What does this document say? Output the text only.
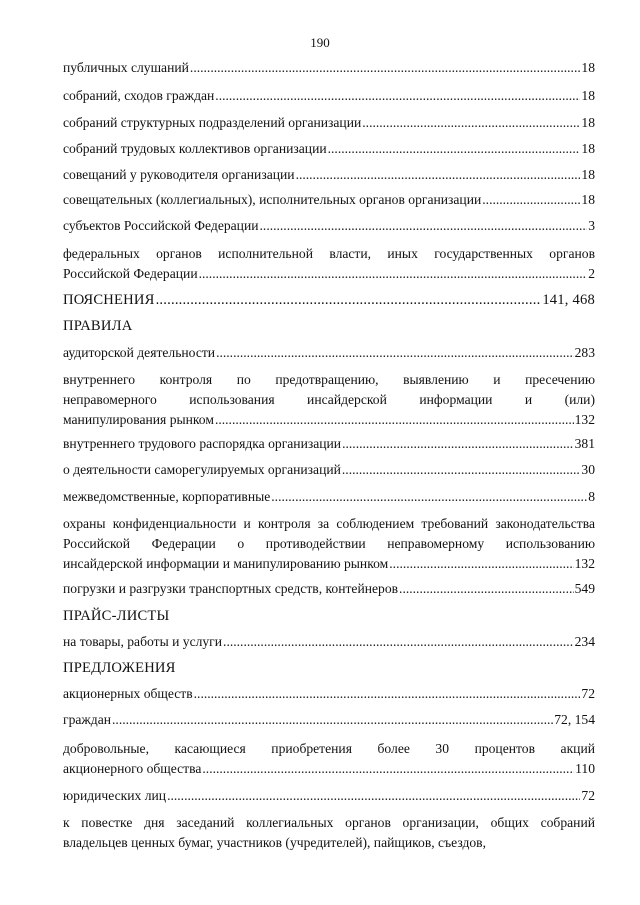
190
публичных слушаний .....	18
собраний, сходов граждан .....	18
собраний структурных подразделений организации .....	18
собраний трудовых коллективов организации .....	18
совещаний у руководителя организации .....	18
совещательных (коллегиальных), исполнительных органов организации .....	18
субъектов Российской Федерации .....	3
федеральных органов исполнительной власти, иных государственных органов
Российской Федерации .....	2
ПОЯСНЕНИЯ .....	141, 468
ПРАВИЛА
аудиторской деятельности .....	283
внутреннего контроля по предотвращению, выявлению и пресечению
неправомерного использования инсайдерской информации и (или)
манипулирования рынком .....	132
внутреннего трудового распорядка организации .....	381
о деятельности саморегулируемых организаций .....	30
межведомственные, корпоративные .....	8
охраны конфиденциальности и контроля за соблюдением требований законодательства
Российской Федерации о противодействии неправомерному использованию
инсайдерской информации и манипулированию рынком .....	132
погрузки и разгрузки транспортных средств, контейнеров .....	549
ПРАЙС-ЛИСТЫ
на товары, работы и услуги .....	234
ПРЕДЛОЖЕНИЯ
акционерных обществ .....	72
граждан .....	72, 154
добровольные, касающиеся приобретения более 30 процентов акций
акционерного общества .....	110
юридических лиц .....	72
к повестке дня заседаний коллегиальных органов организации, общих собраний
владельцев ценных бумаг, участников (учредителей), пайщиков, съездов,
